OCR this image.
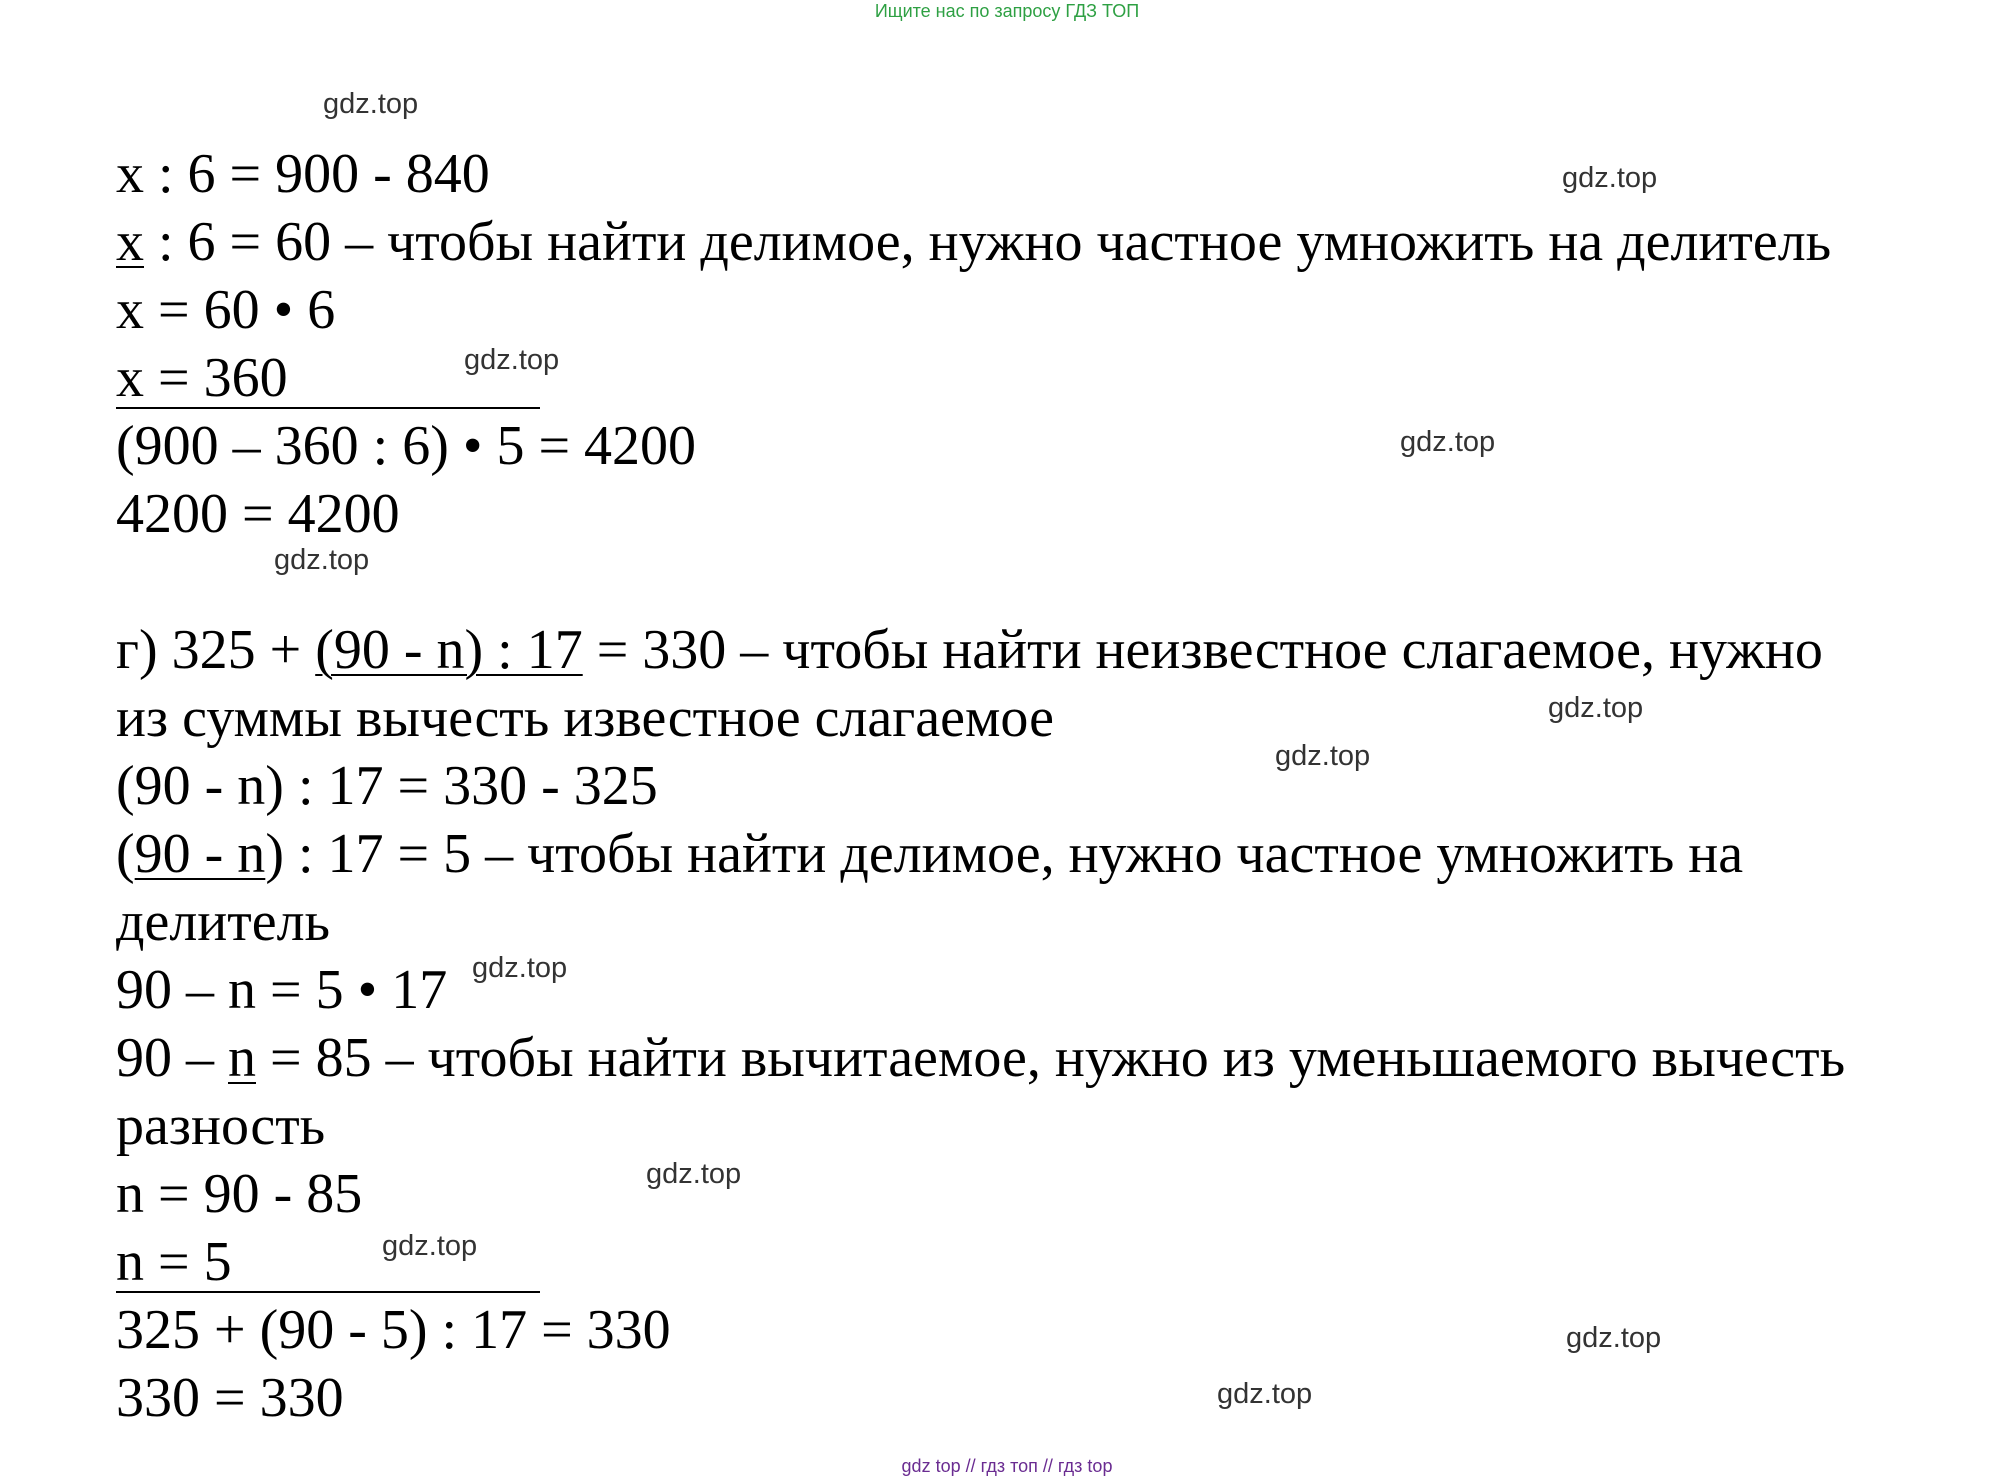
Ищите нас по запросу ГДЗ ТОП
x : 6 = 900 - 840
x : 6 = 60 – чтобы найти делимое, нужно частное умножить на делитель
x = 60 • 6
x = 360
(900 – 360 : 6) • 5 = 4200
4200 = 4200
г) 325 + (90 - n) : 17 = 330 – чтобы найти неизвестное слагаемое, нужно
из суммы вычесть известное слагаемое
(90 - n) : 17 = 330 - 325
(90 - n) : 17 = 5 – чтобы найти делимое, нужно частное умножить на
делитель
90 – n = 5 • 17
90 – n = 85 – чтобы найти вычитаемое, нужно из уменьшаемого вычесть
разность
n = 90 - 85
n = 5
325 + (90 - 5) : 17 = 330
330 = 330
gdz.top
gdz.top
gdz.top
gdz.top
gdz.top
gdz.top
gdz.top
gdz.top
gdz.top
gdz.top
gdz.top
gdz.top
gdz top // гдз топ // гдз top
